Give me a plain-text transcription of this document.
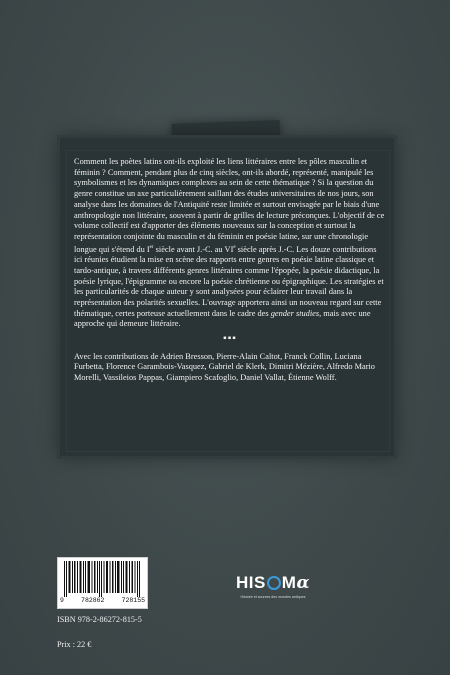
Comment les poètes latins ont-ils exploité les liens littéraires entre les pôles masculin et féminin ? Comment, pendant plus de cinq siècles, ont-ils abordé, représenté, manipulé les symbolismes et les dynamiques complexes au sein de cette thématique ? Si la question du genre constitue un axe particulièrement saillant des études universitaires de nos jours, son analyse dans les domaines de l'Antiquité reste limitée et surtout envisagée par le biais d'une anthropologie non littéraire, souvent à partir de grilles de lecture préconçues. L'objectif de ce volume collectif est d'apporter des éléments nouveaux sur la conception et surtout la représentation conjointe du masculin et du féminin en poésie latine, sur une chronologie longue qui s'étend du Ier siècle avant J.-C. au VIe siècle après J.-C. Les douze contributions ici réunies étudient la mise en scène des rapports entre genres en poésie latine classique et tardo-antique, à travers différents genres littéraires comme l'épopée, la poésie didactique, la poésie lyrique, l'épigramme ou encore la poésie chrétienne ou épigraphique. Les stratégies et les particularités de chaque auteur y sont analysées pour éclairer leur travail dans la représentation des polarités sexuelles. L'ouvrage apportera ainsi un nouveau regard sur cette thématique, certes porteuse actuellement dans le cadre des gender studies, mais avec une approche qui demeure littéraire.

▪▪▪

Avec les contributions de Adrien Bresson, Pierre-Alain Caltot, Franck Collin, Luciana Furbetta, Florence Garambois-Vasquez, Gabriel de Klerk, Dimitri Mézière, Alfredo Mario Morelli, Vassileios Pappas, Giampiero Scafoglio, Daniel Vallat, Étienne Wolff.

9	782862	728155
ISBN 978-2-86272-815-5
Prix : 22 €
HI S M α
Histoire et sources des mondes antiques
